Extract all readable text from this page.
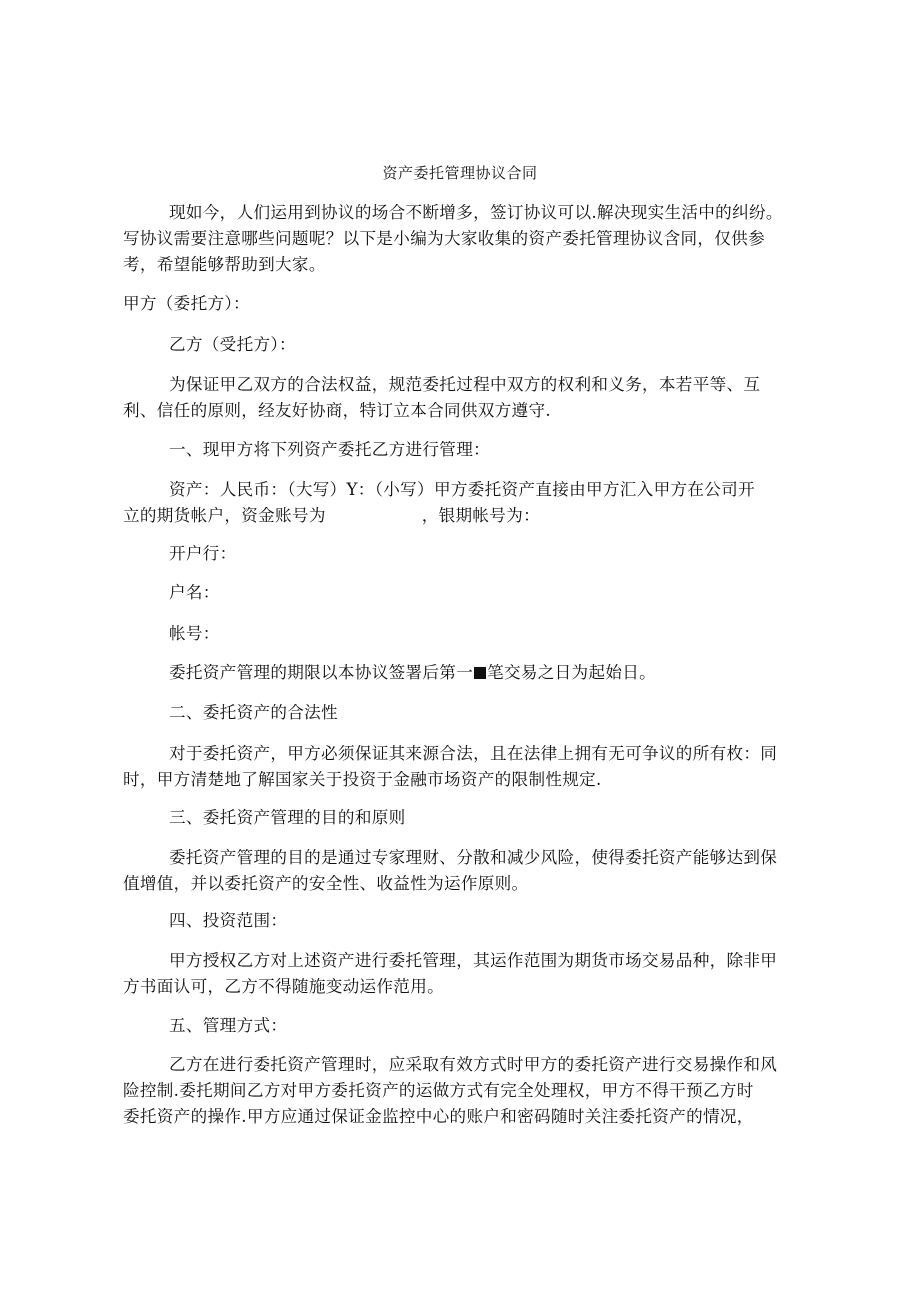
资产委托管理协议合同
现如今，人们运用到协议的场合不断增多，签订协议可以.解决现实生活中的纠纷。
写协议需要注意哪些问题呢？以下是小编为大家收集的资产委托管理协议含同，仅供参
考，希望能够帮助到大家。
甲方（委托方）：
乙方（受托方）：
为保证甲乙双方的合法权益，规范委托过程中双方的权利和义务，本若平等、互
利、信任的原则，经友好协商，特订立本合同供双方遵守.
一、现甲方将下列资产委托乙方进行管理：
资产：人民币：（大写）Y：（小写）甲方委托资产直接由甲方汇入甲方在公司开
立的期货帐户，资金账号为	，银期帐号为：
开户行：
户名：
帐号：
委托资产管理的期限以本协议签署后第一 笔交易之日为起始日。
二、委托资产的合法性
对于委托资产，甲方必须保证其来源合法，且在法律上拥有无可争议的所有枚：同
时，甲方清楚地了解国家关于投资于金融市场资产的限制性规定.
三、委托资产管理的目的和原则
委托资产管理的目的是通过专家理财、分散和减少风险，使得委托资产能够达到保
值增值，并以委托资产的安全性、收益性为运作原则。
四、投资范围：
甲方授权乙方对上述资产进行委托管理，其运作范围为期货市场交易品种，除非甲
方书面认可，乙方不得随施变动运作范用。
五、管理方式：
乙方在进行委托资产管理时，应采取有效方式时甲方的委托资产进行交易操作和风
险控制.委托期间乙方对甲方委托资产的运做方式有完全处理权，甲方不得干预乙方时
委托资产的操作.甲方应通过保证金监控中心的账户和密码随时关注委托资产的情况，
